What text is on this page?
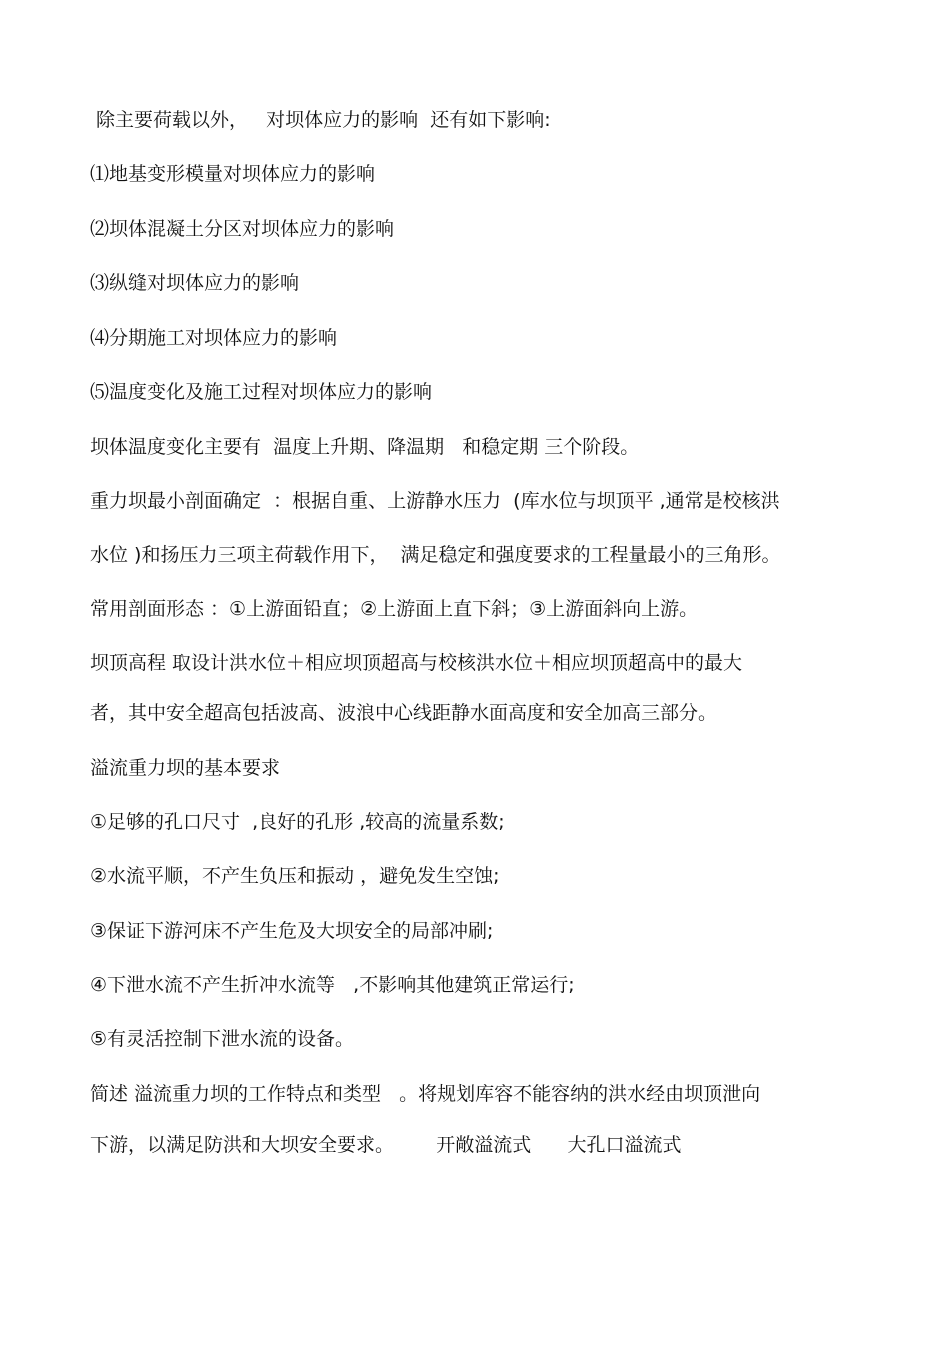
除主要荷载以外，   对坝体应力的影响  还有如下影响:
⑴地基变形模量对坝体应力的影响
⑵坝体混凝土分区对坝体应力的影响
⑶纵缝对坝体应力的影响
⑷分期施工对坝体应力的影响
⑸温度变化及施工过程对坝体应力的影响
坝体温度变化主要有  温度上升期、降温期   和稳定期 三个阶段。
重力坝最小剖面确定  ：根据自重、上游静水压力  (库水位与坝顶平 ,通常是校核洪
水位 )和扬压力三项主荷载作用下，  满足稳定和强度要求的工程量最小的三角形。
常用剖面形态 ：①上游面铅直；②上游面上直下斜；③上游面斜向上游。
坝顶高程 取设计洪水位＋相应坝顶超高与校核洪水位＋相应坝顶超高中的最大
者，其中安全超高包括波高、波浪中心线距静水面高度和安全加高三部分。
溢流重力坝的基本要求
①足够的孔口尺寸  ,良好的孔形 ,较高的流量系数;
②水流平顺，不产生负压和振动 ，避免发生空蚀;
③保证下游河床不产生危及大坝安全的局部冲刷;
④下泄水流不产生折冲水流等   ,不影响其他建筑正常运行;
⑤有灵活控制下泄水流的设备。
简述 溢流重力坝的工作特点和类型   。将规划库容不能容纳的洪水经由坝顶泄向
下游，以满足防洪和大坝安全要求。       开敞溢流式      大孔口溢流式
